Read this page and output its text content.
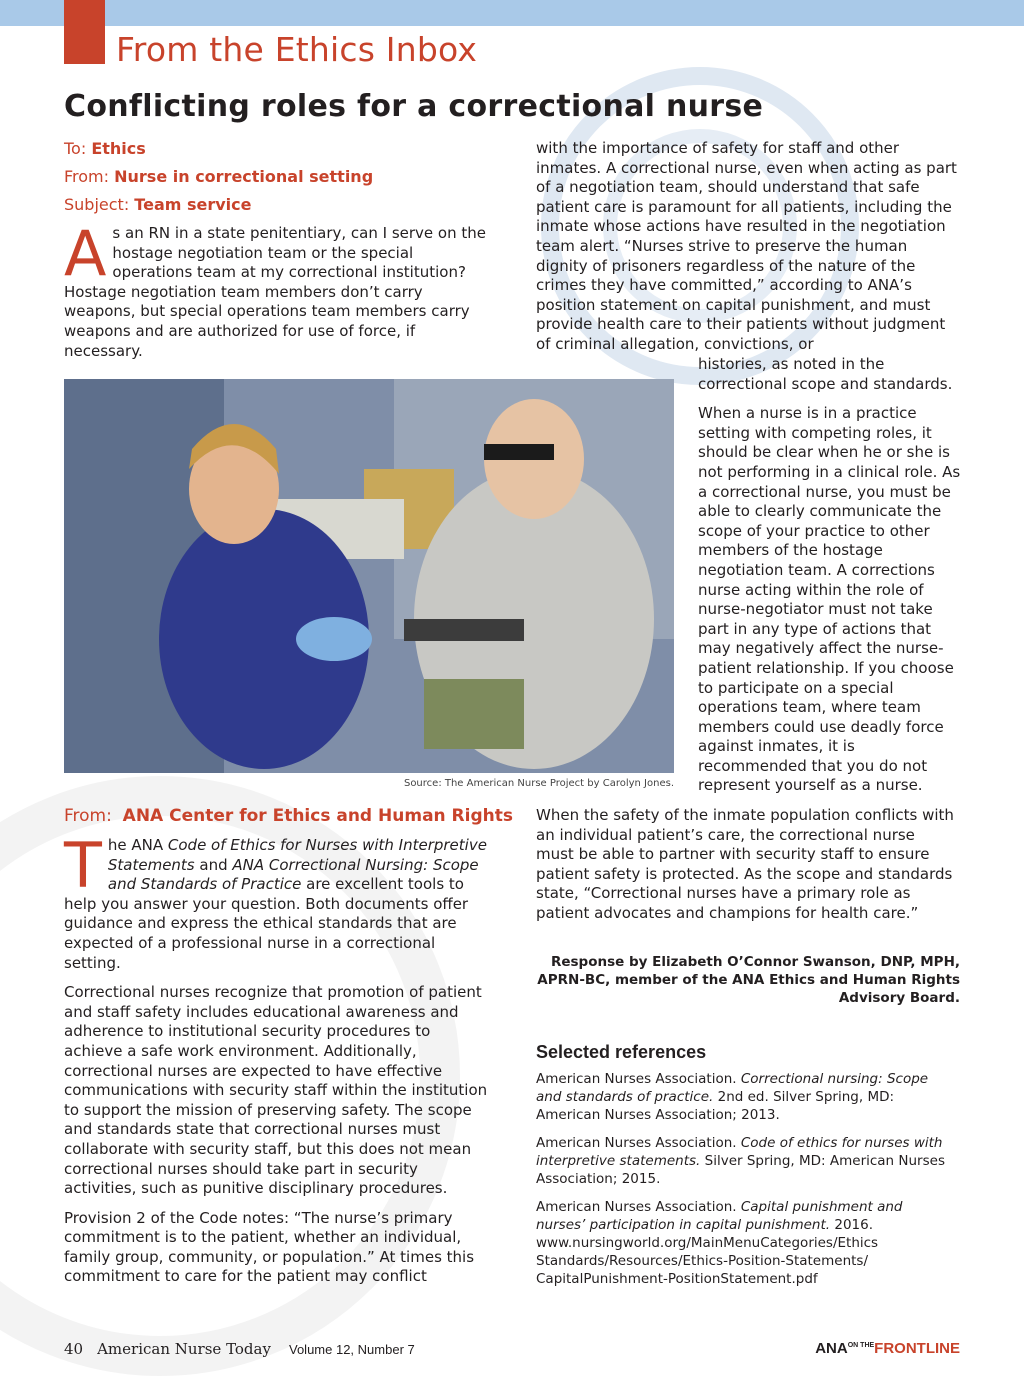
From the Ethics Inbox
Conflicting roles for a correctional nurse
To: Ethics
From: Nurse in correctional setting
Subject: Team service
As an RN in a state penitentiary, can I serve on the hostage negotiation team or the special operations team at my correctional institution? Hostage negotiation team members don’t carry weapons, but special operations team members carry weapons and are authorized for use of force, if necessary.
Source: The American Nurse Project by Carolyn Jones.
From: ANA Center for Ethics and Human Rights

The ANA Code of Ethics for Nurses with Interpretive Statements and ANA Correctional Nursing: Scope and Standards of Practice are excellent tools to help you answer your question. Both documents offer guidance and express the ethical standards that are expected of a professional nurse in a correctional setting.

Correctional nurses recognize that promotion of patient and staff safety includes educational awareness and adherence to institutional security procedures to achieve a safe work environment. Additionally, correctional nurses are expected to have effective communications with security staff within the institution to support the mission of preserving safety. The scope and standards state that correctional nurses must collaborate with security staff, but this does not mean correctional nurses should take part in security activities, such as punitive disciplinary procedures.

Provision 2 of the Code notes: “The nurse’s primary commitment is to the patient, whether an individual, family group, community, or population.” At times this commitment to care for the patient may conflict

with the importance of safety for staff and other inmates. A correctional nurse, even when acting as part of a negotiation team, should understand that safe patient care is paramount for all patients, including the inmate whose actions have resulted in the negotiation team alert. “Nurses strive to preserve the human dignity of prisoners regardless of the nature of the crimes they have committed,” according to ANA’s position statement on capital punishment, and must provide health care to their patients without judgment of criminal allegation, convictions, or

histories, as noted in the correctional scope and standards.

When a nurse is in a practice setting with competing roles, it should be clear when he or she is not performing in a clinical role. As a correctional nurse, you must be able to clearly communicate the scope of your practice to other members of the hostage negotiation team. A corrections nurse acting within the role of nurse-negotiator must not take part in any type of actions that may negatively affect the nurse-patient relationship. If you choose to participate on a special operations team, where team members could use deadly force against inmates, it is recommended that you do not represent yourself as a nurse.

When the safety of the inmate population conflicts with an individual patient’s care, the correctional nurse must be able to partner with security staff to ensure patient safety is protected. As the scope and standards state, “Correctional nurses have a primary role as patient advocates and champions for health care.”
Response by Elizabeth O’Connor Swanson, DNP, MPH, APRN-BC, member of the ANA Ethics and Human Rights Advisory Board.
Selected references
American Nurses Association. Correctional nursing: Scope and standards of practice. 2nd ed. Silver Spring, MD: American Nurses Association; 2013.
American Nurses Association. Code of ethics for nurses with interpretive statements. Silver Spring, MD: American Nurses Association; 2015.
American Nurses Association. Capital punishment and nurses’ participation in capital punishment. 2016. www.nursingworld.org/MainMenuCategories/Ethics Standards/Resources/Ethics-Position-Statements/ CapitalPunishment-PositionStatement.pdf
40 American Nurse Today Volume 12, Number 7	$ANA^{ON THE}FRONTLINE$
